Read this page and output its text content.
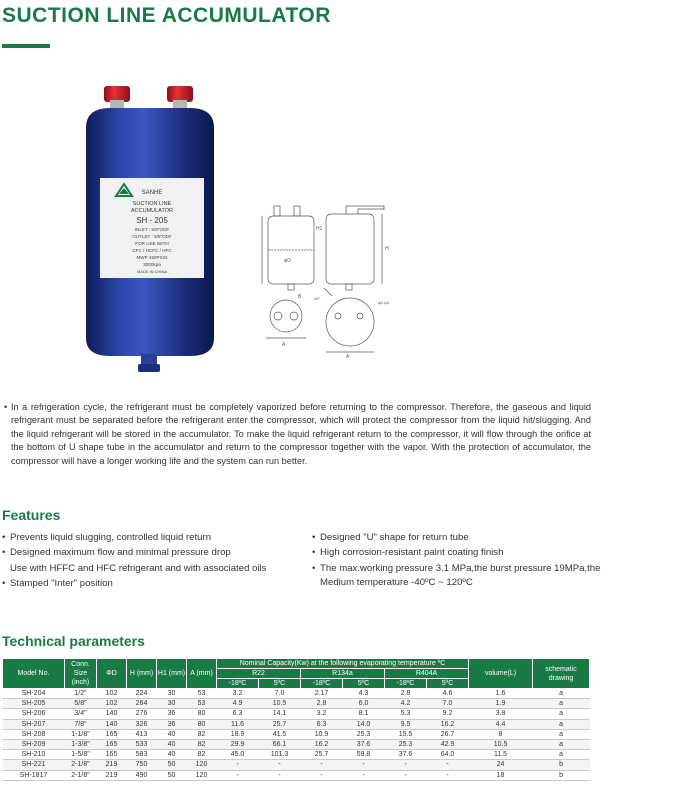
SUCTION LINE ACCUMULATOR
SANHE
SUCTION LINE
ACCUMULATOR
SH - 205
INLET : 5/8"ODF
OUTLET : 5/8"ODF
FOR USE WITH
CFC / HCFC / HFC
MWP 450PSIG
3000kpa
MADE IN CHINA
H1
H
φD
B
A
φ2-φ4
45°
A
• In a refrigeration cycle, the refrigerant must be completely vaporized before returning to the compressor. Therefore, the gaseous and liquid refrigerant must be separated before the refrigerant enter the compressor, which will protect the compressor from the liquid hit/slugging. And the liquid refrigerant will be stored in the accumulator. To make the liquid refrigerant return to the compressor, it will flow through the orifice at the bottom of U shape tube in the accumulator and return to the compressor together with the vapor. With the protection of accumulator, the compressor will have a longer working life and the system can run better.
Features
• Prevents liquid slugging, controlled liquid return
• Designed maximum flow and minimal pressure drop
Use with HFFC and HFC refrigerant and with associated oils
• Stamped "Inter" position
• Designed "U" shape for return tube
• High corrosion-resistant paint coating finish
• The max.working pressure 3.1 MPa,the burst pressure 19MPa,the Medium temperature -40ºC ~ 120ºC
Technical parameters
Model No.	Conn. Size (inch)	ΦD	H (mm)	H1 (mm)	A (mm)	Nominal Capacity(Kw) at the following evaporating temperature ºC						volume(L)	schematic drawing
						R22		R134a		R404A			
						-18ºC	5ºC	-18ºC	5ºC	-18ºC	5ºC		
SH-204	1/2"	102	224	30	53	3.2	7.0	2.17	4.3	2.8	4.6	1.6	a
SH-205	5/8"	102	264	30	53	4.9	10.5	2.8	6.0	4.2	7.0	1.9	a
SH-206	3/4"	140	276	36	80	6.3	14.1	3.2	8.1	5.3	9.2	3.8	a
SH-207	7/8"	140	326	36	80	11.6	25.7	6.3	14.0	9.5	16.2	4.4	a
SH-208	1-1/8"	165	413	40	82	18.9	41.5	10.9	25.3	15.5	26.7	8	a
SH-209	1-3/8"	165	533	40	82	29.9	66.1	16.2	37.6	25.3	42.9	10.5	a
SH-210	1-5/8"	165	583	40	82	45.0	101.3	25.7	59.8	37.6	64.0	11.5	a
SH-221	2-1/8"	219	750	50	120	-	-	-	-	-	-	24	b
SH-1817	2-1/8"	219	490	50	120	-	-	-	-	-	-	18	b
